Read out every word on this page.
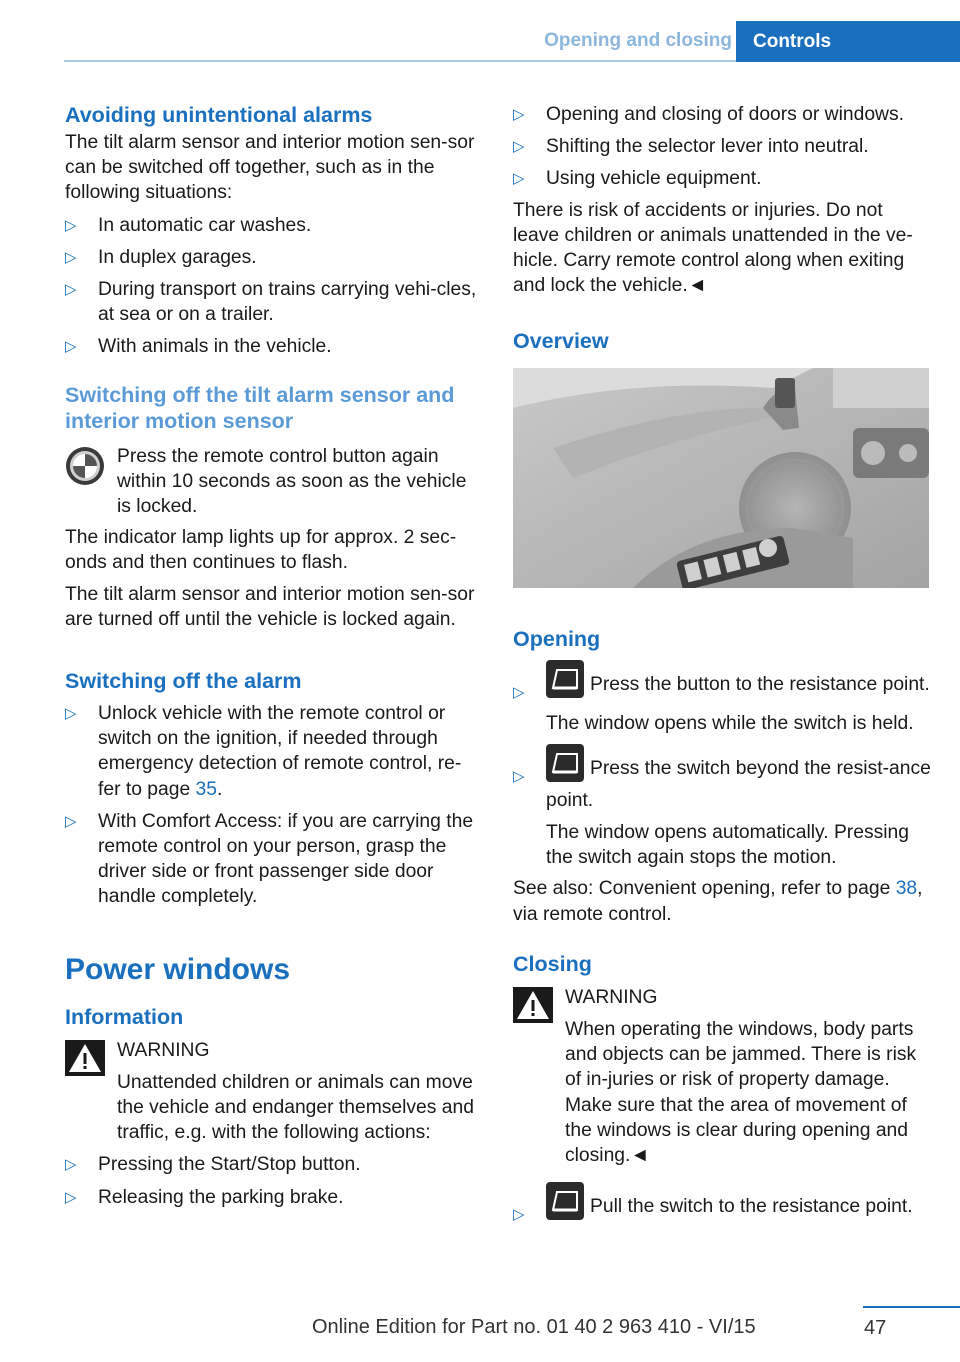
Opening and closing Controls
Avoiding unintentional alarms
The tilt alarm sensor and interior motion sen-sor can be switched off together, such as in the following situations:
▷ In automatic car washes.
▷ In duplex garages.
▷ During transport on trains carrying vehi-cles, at sea or on a trailer.
▷ With animals in the vehicle.
Switching off the tilt alarm sensor and interior motion sensor
Press the remote control button again within 10 seconds as soon as the vehicle is locked.
The indicator lamp lights up for approx. 2 sec-onds and then continues to flash.
The tilt alarm sensor and interior motion sen-sor are turned off until the vehicle is locked again.
Switching off the alarm
▷ Unlock vehicle with the remote control or switch on the ignition, if needed through emergency detection of remote control, re-fer to page 35.
▷ With Comfort Access: if you are carrying the remote control on your person, grasp the driver side or front passenger side door handle completely.
Power windows
Information
WARNING
Unattended children or animals can move the vehicle and endanger themselves and traffic, e.g. with the following actions:
▷ Pressing the Start/Stop button.
▷ Releasing the parking brake.
▷ Opening and closing of doors or windows.
▷ Shifting the selector lever into neutral.
▷ Using vehicle equipment.
There is risk of accidents or injuries. Do not leave children or animals unattended in the ve-hicle. Carry remote control along when exiting and lock the vehicle.◄
Overview
Opening
▷	Press the button to the resistance point.
The window opens while the switch is held.
▷	Press the switch beyond the resist-ance point.
The window opens automatically. Pressing the switch again stops the motion.
See also: Convenient opening, refer to page 38, via remote control.
Closing
WARNING
When operating the windows, body parts and objects can be jammed. There is risk of in-juries or risk of property damage. Make sure that the area of movement of the windows is clear during opening and closing.◄
▷	Pull the switch to the resistance point.
47
Online Edition for Part no. 01 40 2 963 410 - VI/15
